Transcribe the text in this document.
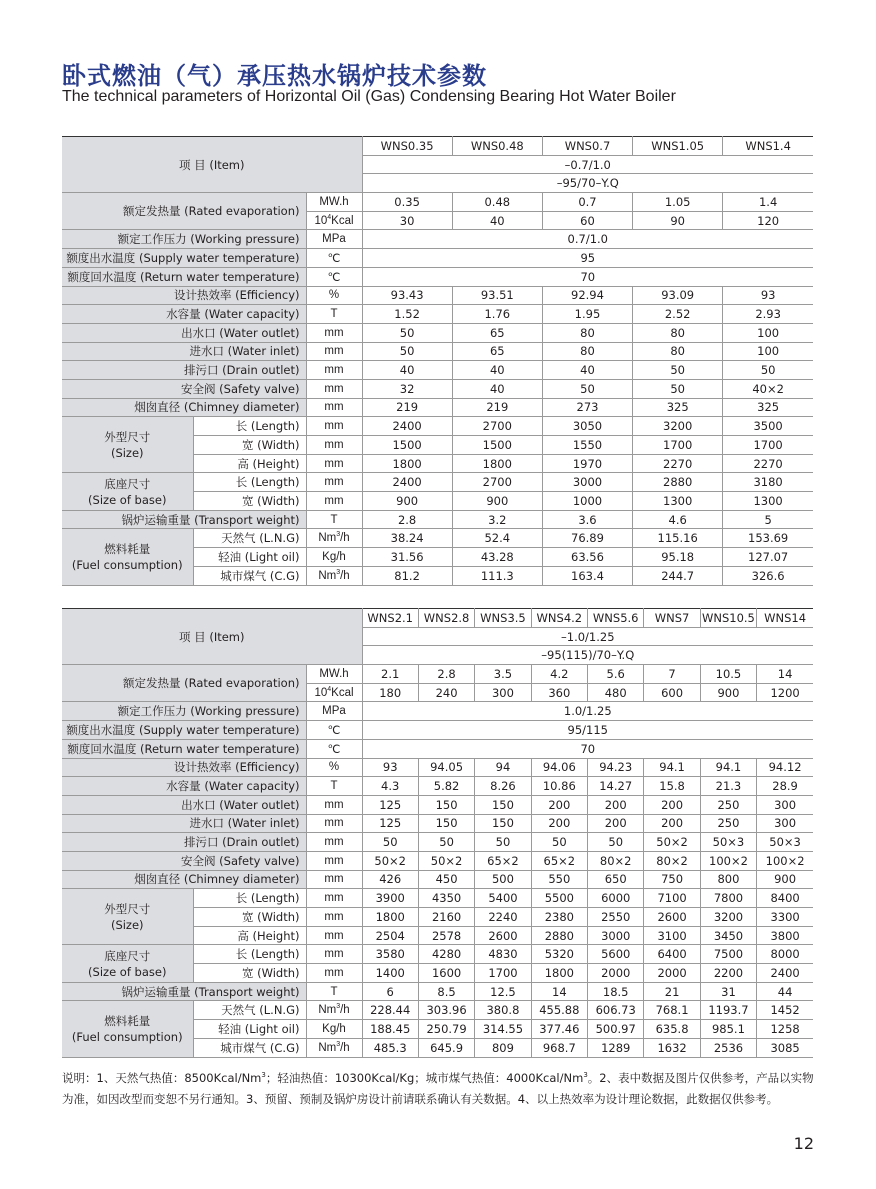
卧式燃油（气）承压热水锅炉技术参数
The technical parameters of Horizontal Oil (Gas) Condensing Bearing Hot Water Boiler
项 目 (Item)			WNS0.35	WNS0.48	WNS0.7	WNS1.05	WNS1.4
			–0.7/1.0				
			–95/70–Y.Q				
额定发热量 (Rated evaporation)		MW.h	0.35	0.48	0.7	1.05	1.4
		$10^4Kcal$	30	40	60	90	120
额定工作压力 (Working pressure)		MPa	0.7/1.0				
额度出水温度 (Supply water temperature)		℃	95				
额度回水温度 (Return water temperature)		℃	70				
设计热效率 (Efficiency)		%	93.43	93.51	92.94	93.09	93
水容量 (Water capacity)		T	1.52	1.76	1.95	2.52	2.93
出水口 (Water outlet)		mm	50	65	80	80	100
进水口 (Water inlet)		mm	50	65	80	80	100
排污口 (Drain outlet)		mm	40	40	40	50	50
安全阀 (Safety valve)		mm	32	40	50	50	40×2
烟囱直径 (Chimney diameter)		mm	219	219	273	325	325

外型尺寸
(Size)	长 (Length)	mm	2400	2700	3050	3200	3500
	宽 (Width)	mm	1500	1500	1550	1700	1700
	高 (Height)	mm	1800	1800	1970	2270	2270

底座尺寸
(Size of base)	长 (Length)	mm	2400	2700	3000	2880	3180
	宽 (Width)	mm	900	900	1000	1300	1300
锅炉运输重量 (Transport weight)		T	2.8	3.2	3.6	4.6	5

燃料耗量
(Fuel consumption)	天然气 (L.N.G)	Nm$^3$/h	38.24	52.4	76.89	115.16	153.69
	轻油 (Light oil)	Kg/h	31.56	43.28	63.56	95.18	127.07
	城市煤气 (C.G)	Nm$^3$/h	81.2	111.3	163.4	244.7	326.6
项 目 (Item)			WNS2.1	WNS2.8	WNS3.5	WNS4.2	WNS5.6	WNS7	WNS10.5	WNS14
			–1.0/1.25							
			–95(115)/70–Y.Q							
额定发热量 (Rated evaporation)		MW.h	2.1	2.8	3.5	4.2	5.6	7	10.5	14
		$10^4Kcal$	180	240	300	360	480	600	900	1200
额定工作压力 (Working pressure)		MPa	1.0/1.25							
额度出水温度 (Supply water temperature)		℃	95/115							
额度回水温度 (Return water temperature)		℃	70							
设计热效率 (Efficiency)		%	93	94.05	94	94.06	94.23	94.1	94.1	94.12
水容量 (Water capacity)		T	4.3	5.82	8.26	10.86	14.27	15.8	21.3	28.9
出水口 (Water outlet)		mm	125	150	150	200	200	200	250	300
进水口 (Water inlet)		mm	125	150	150	200	200	200	250	300
排污口 (Drain outlet)		mm	50	50	50	50	50	50×2	50×3	50×3
安全阀 (Safety valve)		mm	50×2	50×2	65×2	65×2	80×2	80×2	100×2	100×2
烟囱直径 (Chimney diameter)		mm	426	450	500	550	650	750	800	900

外型尺寸
(Size)	长 (Length)	mm	3900	4350	5400	5500	6000	7100	7800	8400
	宽 (Width)	mm	1800	2160	2240	2380	2550	2600	3200	3300
	高 (Height)	mm	2504	2578	2600	2880	3000	3100	3450	3800

底座尺寸
(Size of base)	长 (Length)	mm	3580	4280	4830	5320	5600	6400	7500	8000
	宽 (Width)	mm	1400	1600	1700	1800	2000	2000	2200	2400
锅炉运输重量 (Transport weight)		T	6	8.5	12.5	14	18.5	21	31	44

燃料耗量
(Fuel consumption)	天然气 (L.N.G)	Nm$^3$/h	228.44	303.96	380.8	455.88	606.73	768.1	1193.7	1452
	轻油 (Light oil)	Kg/h	188.45	250.79	314.55	377.46	500.97	635.8	985.1	1258
	城市煤气 (C.G)	Nm$^3$/h	485.3	645.9	809	968.7	1289	1632	2536	3085
说明：1、天然气热值：8500Kcal/Nm$^3$；轻油热值：10300Kcal/Kg；城市煤气热值：4000Kcal/Nm$^3$。2、表中数据及图片仅供参考，产品以实物为准，如因改型而变恕不另行通知。3、预留、预制及锅炉房设计前请联系确认有关数据。4、以上热效率为设计理论数据，此数据仅供参考。
12
